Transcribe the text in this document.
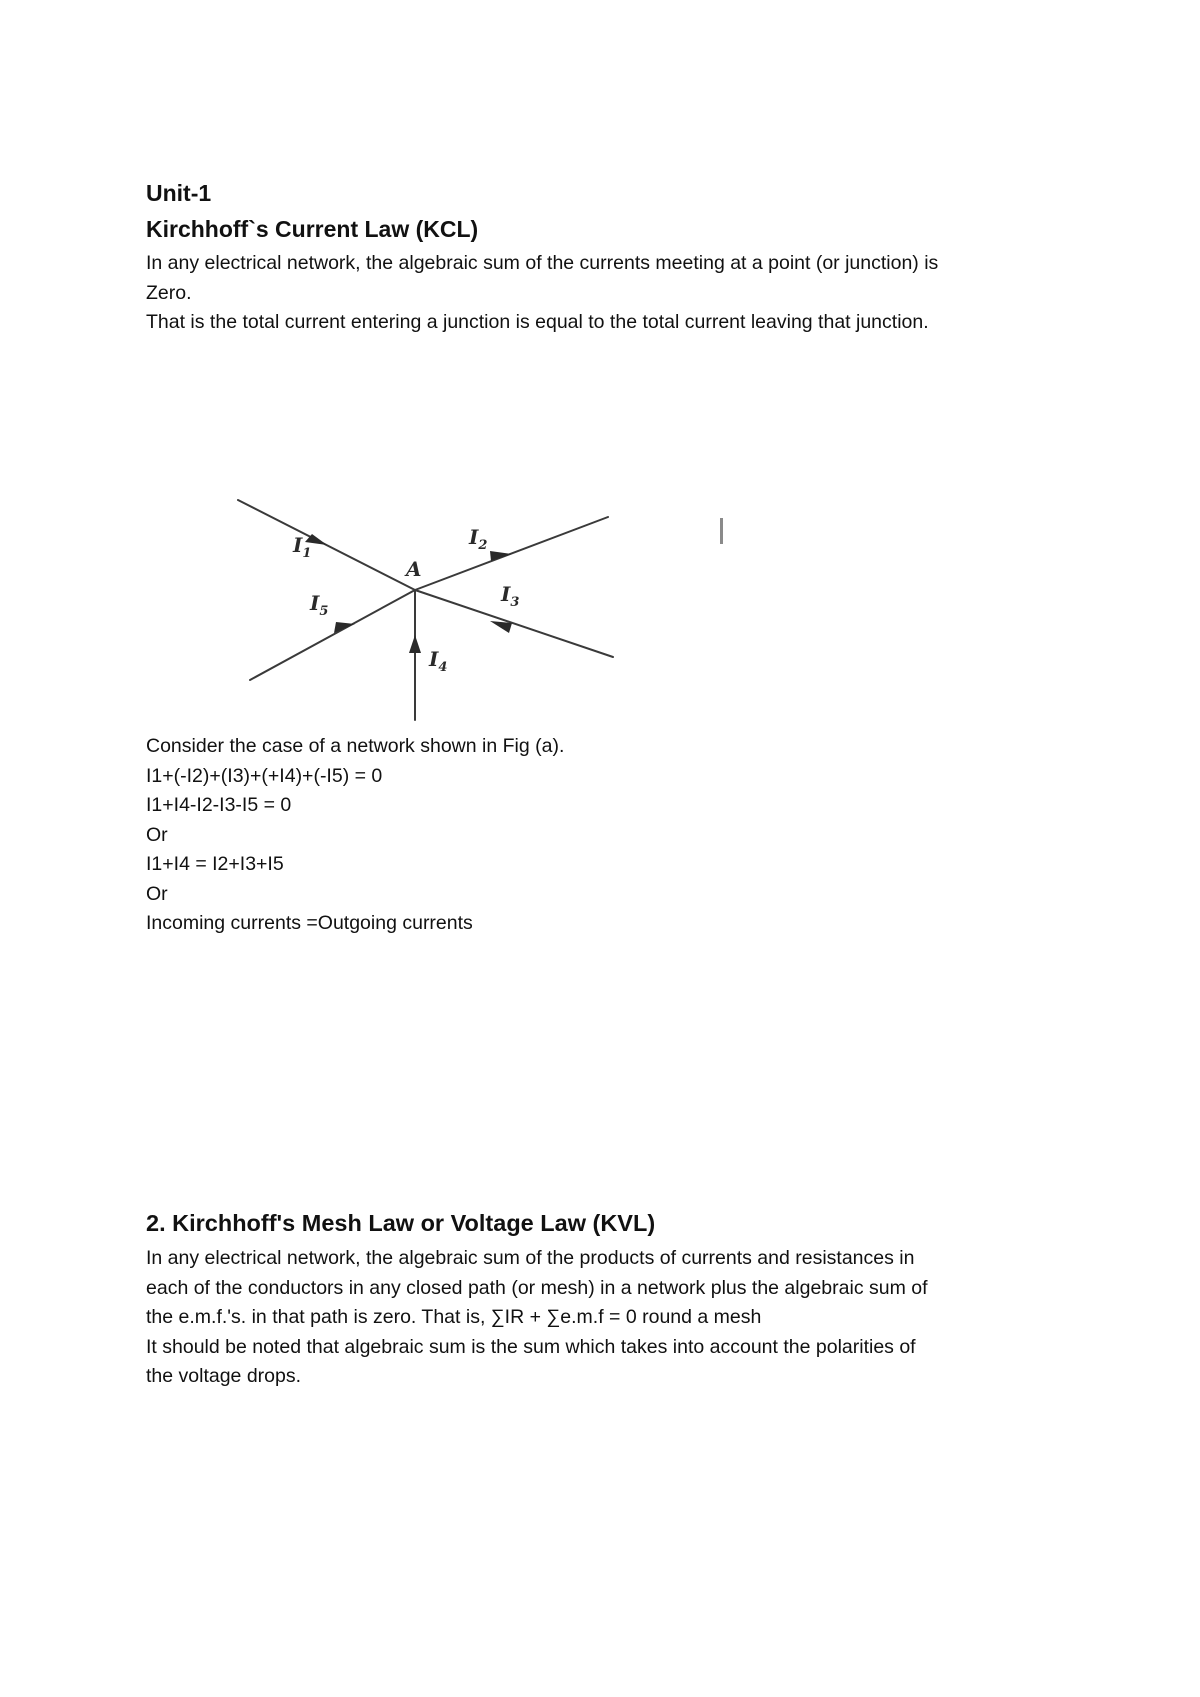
Unit-1
Kirchhoff`s Current Law (KCL)
In any electrical network, the algebraic sum of the currents meeting at a point (or junction) is
Zero.
That is the total current entering a junction is equal to the total current leaving that junction.
A
$I_1$
$I_2$
$I_3$
$I_4$
$I_5$
Consider the case of a network shown in Fig (a).
I1+(-I2)+(I3)+(+I4)+(-I5) = 0
I1+I4-I2-I3-I5 = 0
Or
I1+I4 = I2+I3+I5
Or
Incoming currents =Outgoing currents
2. Kirchhoff's Mesh Law or Voltage Law (KVL)
In any electrical network, the algebraic sum of the products of currents and resistances in
each of the conductors in any closed path (or mesh) in a network plus the algebraic sum of
the e.m.f.'s. in that path is zero. That is, ∑IR + ∑e.m.f = 0 round a mesh
It should be noted that algebraic sum is the sum which takes into account the polarities of
the voltage drops.
